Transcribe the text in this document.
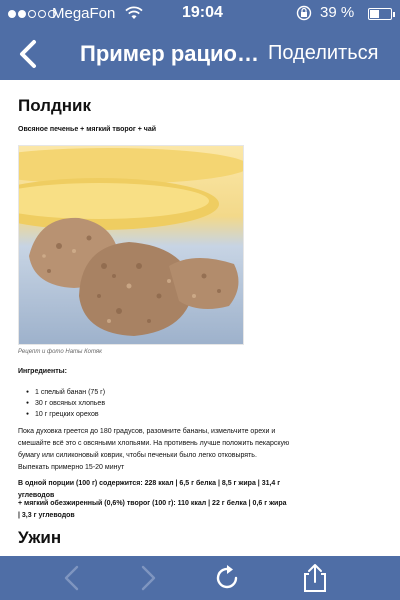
MegaFon	19:04	39 %
Пример рацио… Поделиться
Полдник
Овсяное печенье + мягкий творог + чай
Рецепт и фото Наты Котяк
Ингредиенты:
● 1 спелый банан (75 г)
● 30 г овсяных хлопьев
● 10 г грецких орехов

Пока духовка греется до 180 градусов, разомните бананы, измельчите орехи и смешайте всё это с овсяными хлопьями. На противень лучше положить пекарскую бумагу или силиконовый коврик, чтобы печеньки было легко отковырять. Выпекать примерно 15-20 минут

В одной порции (100 г) содержится: 228 ккал | 6,5 г белка | 8,5 г жира | 31,4 г углеводов

+ мягкий обезжиренный (0,6%) творог (100 г): 110 ккал | 22 г белка | 0,6 г жира | 3,3 г углеводов

Ужин
